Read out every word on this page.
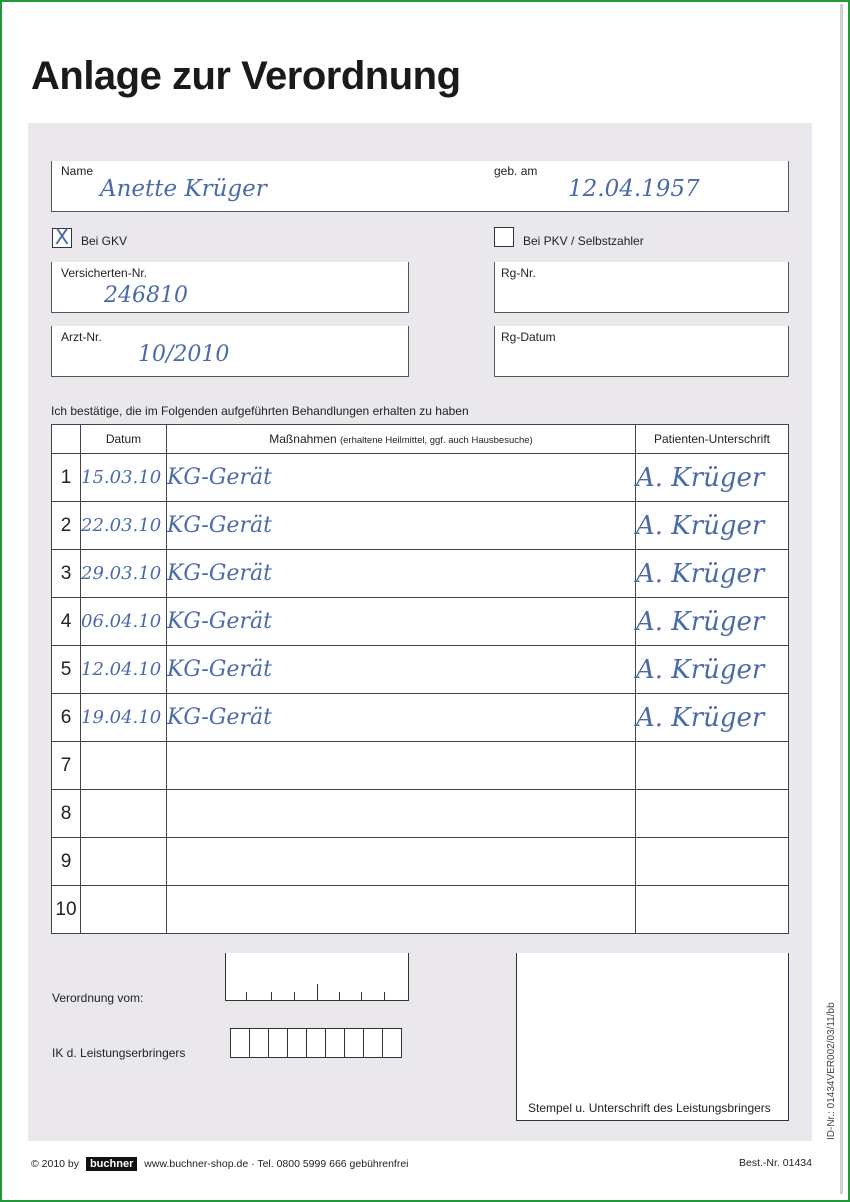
Anlage zur Verordnung
Name
Anette Krüger
geb. am
12.04.1957
X Bei GKV	Bei PKV / Selbstzahler
Versicherten-Nr.
246810
Rg-Nr.
Arzt-Nr.
10/2010
Rg-Datum
Ich bestätige, die im Folgenden aufgeführten Behandlungen erhalten zu haben
	Datum	Maßnahmen (erhaltene Heilmittel, ggf. auch Hausbesuche)	Patienten-Unterschrift
1	15.03.10	KG-Gerät	A. Krüger
2	22.03.10	KG-Gerät	A. Krüger
3	29.03.10	KG-Gerät	A. Krüger
4	06.04.10	KG-Gerät	A. Krüger
5	12.04.10	KG-Gerät	A. Krüger
6	19.04.10	KG-Gerät	A. Krüger
7			
8			
9			
10			
Verordnung vom:
IK d. Leistungserbringers
Stempel u. Unterschrift des Leistungsbringers	ID-Nr.: 01434VER002/03/11/bb
© 2010 by buchner www.buchner-shop.de · Tel. 0800 5999 666 gebührenfrei	Best.-Nr. 01434
